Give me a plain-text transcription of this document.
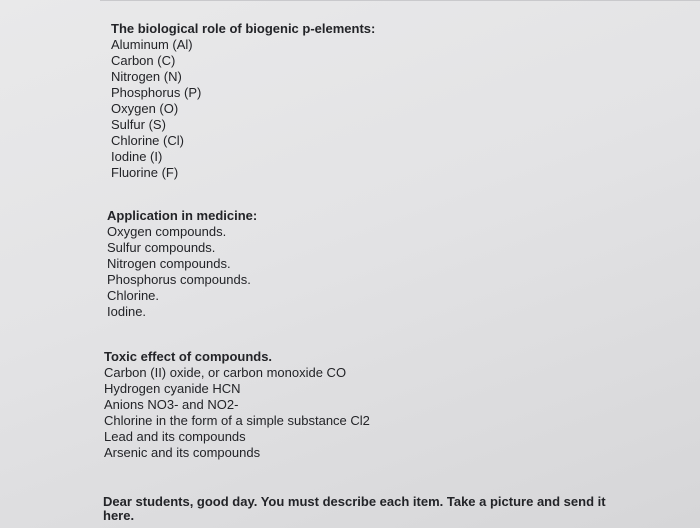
The biological role of biogenic p-elements:
Aluminum (Al)
Carbon (C)
Nitrogen (N)
Phosphorus (P)
Oxygen (O)
Sulfur (S)
Chlorine (Cl)
Iodine (I)
Fluorine (F)
Application in medicine:
Oxygen compounds.
Sulfur compounds.
Nitrogen compounds.
Phosphorus compounds.
Chlorine.
Iodine.
Toxic effect of compounds.
Carbon (II) oxide, or carbon monoxide CO
Hydrogen cyanide HCN
Anions NO3- and NO2-
Chlorine in the form of a simple substance Cl2
Lead and its compounds
Arsenic and its compounds

Dear students, good day. You must describe each item. Take a picture and send it here.
